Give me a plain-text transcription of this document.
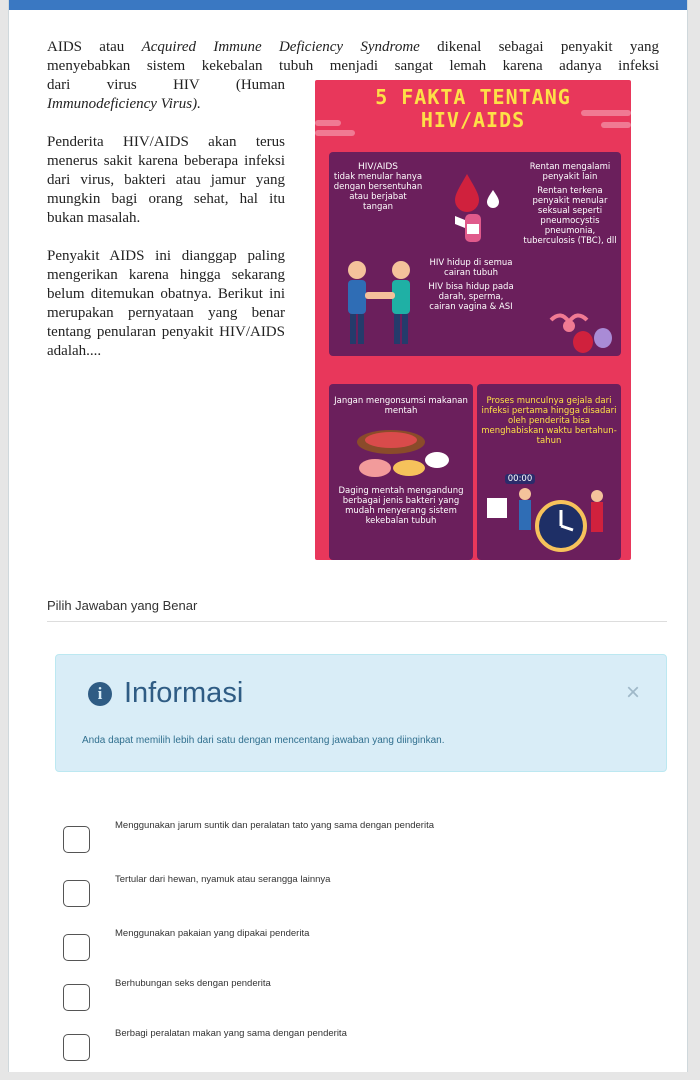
AIDS atau Acquired Immune Deficiency Syndrome dikenal sebagai penyakit yang
menyebabkan sistem kekebalan tubuh menjadi sangat lemah karena adanya infeksi

dari virus HIV (Human
Immunodeficiency Virus).

Penderita HIV/AIDS akan terus menerus sakit karena beberapa infeksi dari virus, bakteri atau jamur yang mungkin bagi orang sehat, hal itu bukan masalah.

Penyakit AIDS ini dianggap paling mengerikan karena hingga sekarang belum ditemukan obatnya. Berikut ini merupakan pernyataan yang benar tentang penularan penyakit HIV/AIDS adalah....

5 FAKTA TENTANG
HIV/AIDS
HIV/AIDS
tidak menular hanya dengan bersentuhan atau berjabat tangan
HIV hidup di semua cairan tubuh
HIV bisa hidup pada darah, sperma, cairan vagina & ASI
Rentan mengalami penyakit lain
Rentan terkena penyakit menular seksual seperti pneumocystis pneumonia, tuberculosis (TBC), dll
Jangan mengonsumsi makanan mentah
Daging mentah mengandung berbagai jenis bakteri yang mudah menyerang sistem kekebalan tubuh
Proses munculnya gejala dari infeksi pertama hingga disadari oleh penderita bisa menghabiskan waktu bertahun-tahun
00:00
Pilih Jawaban yang Benar
i Informasi	×
Anda dapat memilih lebih dari satu dengan mencentang jawaban yang diinginkan.
Menggunakan jarum suntik dan peralatan tato yang sama dengan penderita
Tertular dari hewan, nyamuk atau serangga lainnya
Menggunakan pakaian yang dipakai penderita
Berhubungan seks dengan penderita
Berbagi peralatan makan yang sama dengan penderita
